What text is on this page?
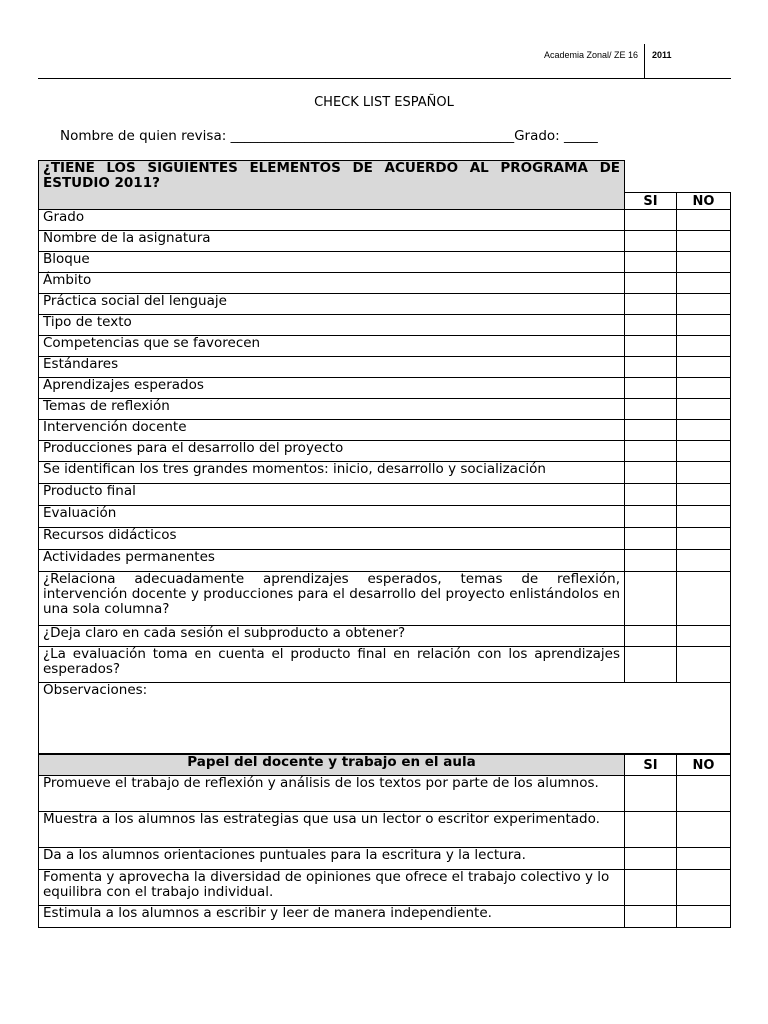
Academia Zonal/ ZE 16 2011
CHECK LIST ESPAÑOL
Nombre de quien revisa: __________________________________________Grado: _____
¿TIENE LOS SIGUIENTES ELEMENTOS DE ACUERDO AL PROGRAMA DE ESTUDIO 2011?		
	SI	NO
Grado		
Nombre de la asignatura		
Bloque		
Ámbito		
Práctica social del lenguaje		
Tipo de texto		
Competencias que se favorecen		
Estándares		
Aprendizajes esperados		
Temas de reflexión		
Intervención docente		
Producciones para el desarrollo del proyecto		
Se identifican los tres grandes momentos: inicio, desarrollo y socialización		
Producto final		
Evaluación		
Recursos didácticos		
Actividades permanentes		
¿Relaciona adecuadamente aprendizajes esperados, temas de reflexión, intervención docente y producciones para el desarrollo del proyecto enlistándolos en una sola columna?		
¿Deja claro en cada sesión el subproducto a obtener?		
¿La evaluación toma en cuenta el producto final en relación con los aprendizajes esperados?		
Observaciones:		
Papel del docente y trabajo en el aula	SI	NO
Promueve el trabajo de reflexión y análisis de los textos por parte de los alumnos.		
Muestra a los alumnos las estrategias que usa un lector o escritor experimentado.		
Da a los alumnos orientaciones puntuales para la escritura y la lectura.		
Fomenta y aprovecha la diversidad de opiniones que ofrece el trabajo colectivo y lo equilibra con el trabajo individual.		
Estimula a los alumnos a escribir y leer de manera independiente.		
